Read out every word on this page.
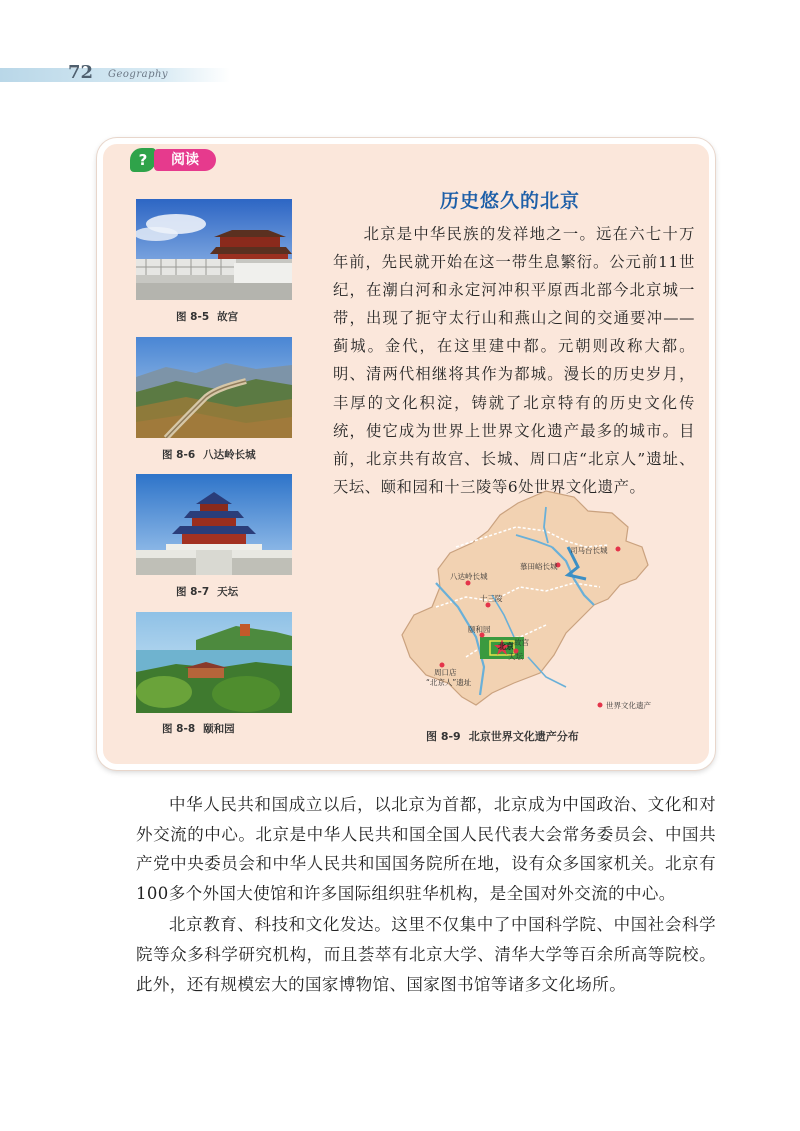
72 Geography
?	阅读
历史悠久的北京
北京是中华民族的发祥地之一。远在六七十万年前，先民就开始在这一带生息繁衍。公元前11世纪，在潮白河和永定河冲积平原西北部今北京城一带，出现了扼守太行山和燕山之间的交通要冲——蓟城。金代，在这里建中都。元朝则改称大都。明、清两代相继将其作为都城。漫长的历史岁月，丰厚的文化积淀，铸就了北京特有的历史文化传统，使它成为世界上世界文化遗产最多的城市。目前，北京共有故宫、长城、周口店“北京人”遗址、天坛、颐和园和十三陵等6处世界文化遗产。
图 8-5 故宫
图 8-6 八达岭长城
图 8-7 天坛
图 8-8 颐和园
司马台长城
慕田峪长城
八达岭长城
十三陵
颐和园
故宫
北京
天坛
周口店
“北京人”遗址
世界文化遗产
图 8-9 北京世界文化遗产分布

中华人民共和国成立以后，以北京为首都，北京成为中国政治、文化和对外交流的中心。北京是中华人民共和国全国人民代表大会常务委员会、中国共产党中央委员会和中华人民共和国国务院所在地，设有众多国家机关。北京有100多个外国大使馆和许多国际组织驻华机构，是全国对外交流的中心。

北京教育、科技和文化发达。这里不仅集中了中国科学院、中国社会科学院等众多科学研究机构，而且荟萃有北京大学、清华大学等百余所高等院校。此外，还有规模宏大的国家博物馆、国家图书馆等诸多文化场所。
